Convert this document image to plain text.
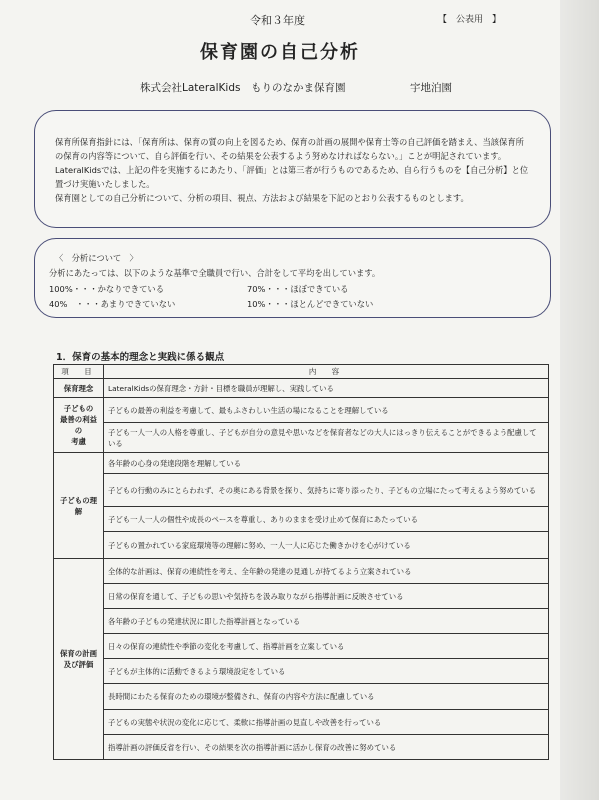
令和３年度	【　公表用　】
保育園の自己分析
株式会社LateralKids　もりのなかま保育園	宇地泊園

保育所保育指針には、「保育所は、保育の質の向上を図るため、保育の計画の展開や保育士等の自己評価を踏まえ、当該保育所

の保育の内容等について、自ら評価を行い、その結果を公表するよう努めなければならない。」ことが明記されています。

LateralKidsでは、上記の件を実施するにあたり、「評価」とは第三者が行うものであるため、自ら行うものを【自己分析】と位

置づけ実施いたしました。

保育園としての自己分析について、分析の項目、視点、方法および結果を下記のとおり公表するものとします。

〈　分析について　〉
分析にあたっては、以下のような基準で全職員で行い、合計をして平均を出しています。
100%・・・かなりできている	70%・・・ほぼできている
40%　・・・あまりできていない	10%・・・ほとんどできていない
1．保育の基本的理念と実践に係る観点
項　目	内　容
保育理念	LateralKidsの保育理念・方針・目標を職員が理解し、実践している
子どもの
最善の利益の
考慮	子どもの最善の利益を考慮して、最もふさわしい生活の場になることを理解している
	子ども一人一人の人格を尊重し、子どもが自分の意見や思いなどを保育者などの大人にはっきり伝えることができるよう配慮している
子どもの理解	各年齢の心身の発達段階を理解している
	子どもの行動のみにとらわれず、その奥にある背景を探り、気持ちに寄り添ったり、子どもの立場にたって考えるよう努めている
	子ども一人一人の個性や成長のペースを尊重し、ありのままを受け止めて保育にあたっている
	子どもの置かれている家庭環境等の理解に努め、一人一人に応じた働きかけを心がけている
保育の計画
及び評価	全体的な計画は、保育の連続性を考え、全年齢の発達の見通しが持てるよう立案されている
	日常の保育を通して、子どもの思いや気持ちを汲み取りながら指導計画に反映させている
	各年齢の子どもの発達状況に即した指導計画となっている
	日々の保育の連続性や季節の変化を考慮して、指導計画を立案している
	子どもが主体的に活動できるよう環境設定をしている
	長時間にわたる保育のための環境が整備され、保育の内容や方法に配慮している
	子どもの実態や状況の変化に応じて、柔軟に指導計画の見直しや改善を行っている
	指導計画の評価反省を行い、その結果を次の指導計画に活かし保育の改善に努めている
